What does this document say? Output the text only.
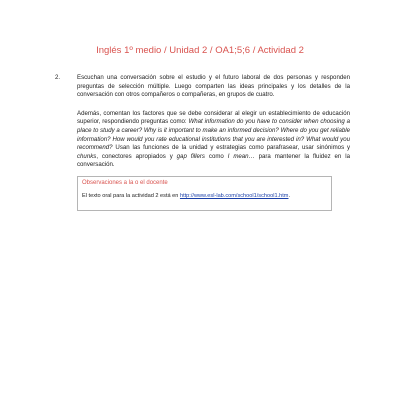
Inglés 1º medio / Unidad 2 / OA1;5;6 / Actividad 2
2.	Escuchan una conversación sobre el estudio y el futuro laboral de dos personas y responden preguntas de selección múltiple. Luego comparten las ideas principales y los detalles de la conversación con otros compañeros o compañeras, en grupos de cuatro.

Además, comentan los factores que se debe considerar al elegir un establecimiento de educación superior, respondiendo preguntas como: What information do you have to consider when choosing a place to study a career? Why is it important to make an informed decision? Where do you get reliable information? How would you rate educational institutions that you are interested in? What would you recommend? Usan las funciones de la unidad y estrategias como parafrasear, usar sinónimos y chunks, conectores apropiados y gap fillers como I mean… para mantener la fluidez en la conversación.

Observaciones a la o el docente
El texto oral para la actividad 2 está en http://www.esl-lab.com/school1/school1.htm.
